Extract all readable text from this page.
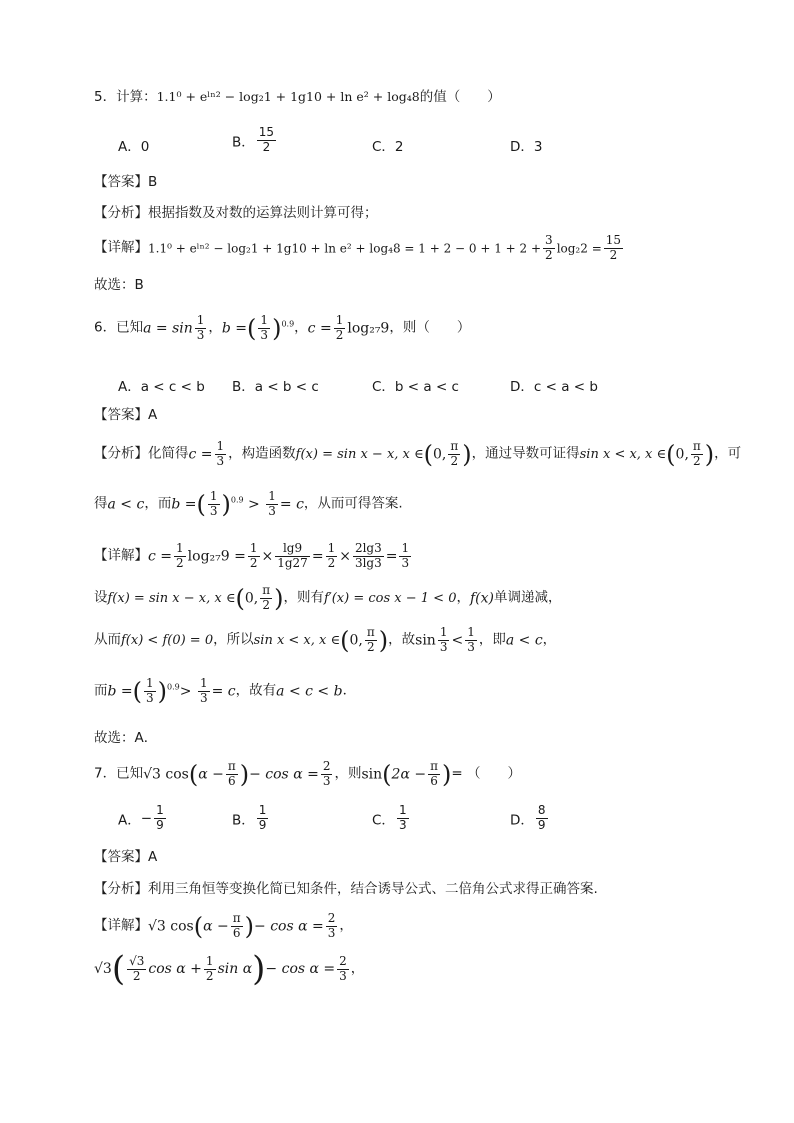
5．计算：1.1⁰ + eˡⁿ² − log₂1 + 1g10 + ln e² + log₄8的值（　　）
A．0	B． $\frac{15}{2}$	C．2	D．3
【答案】B
【分析】根据指数及对数的运算法则计算可得；
【详解】1.1⁰ + eˡⁿ² − $\log_21 + 1g10 + \ln e^2 + \log_48 = 1 + 2 - 0 + 1 + 2 + \frac{3}{2} \log_22 = \frac{15}{2}$
故选：B
6．已知$a = \sin \frac{1}{3}$ ，b =( $\frac{1}{3} )^{0.9}$，$c = \frac{1}{2} \log_{27}9$，则（　　）
A．a < c < b B．a < b < c	C．b < a < c	D．c < a < b
【答案】A
【分析】化简得$c = \frac{1}{3}$ ，构造函数f(x) = sin x − x, x ∈(0, $\frac{\pi}{2}$ )，通过导数可证得sin x < x, x ∈(0, $\frac{\pi}{2}$ )，可
得a < c，而b =( $\frac{1}{3} )^{0.9} > \frac{1}{3} = c$，从而可得答案.
【详解】$c = \frac{1}{2} \log_{27}9 = \frac{1}{2} \times \frac{\lg 9}{1g27} = \frac{1}{2} \times \frac{2\lg 3}{3\lg 3} = \frac{1}{3}$
设f(x) = sin x − x, x ∈(0, $\frac{\pi}{2}$ )，则有f′(x) = cos x − 1 < 0，f(x)单调递减，
从而f(x) < f(0) = 0，所以sin x < x, x ∈(0, $\frac{\pi}{2}$ )，故$\sin \frac{1}{3} < \frac{1}{3}$ ，即a < c，
而b =( $\frac{1}{3} )^{0.9}> \frac{1}{3} = c$，故有a < c < b．
故选：A．
7．已知√3 $\cos(\alpha - \frac{\pi}{6}$ )− $\cos \alpha = \frac{2}{3}$ ，则$\sin(2\alpha - \frac{\pi}{6}$ )= （　　）
A．− $\frac{1}{9}$	B． $\frac{1}{9}$	C． $\frac{1}{3}$	D． $\frac{8}{9}$
【答案】A
【分析】利用三角恒等变换化简已知条件，结合诱导公式、二倍角公式求得正确答案.
【详解】√3 $\cos(\alpha - \frac{\pi}{6}$ )− $\cos \alpha = \frac{2}{3}$ ，
$√3( \frac{√3}{2}$ $\cos \alpha + \frac{1}{2}$ $\sin \alpha)- \cos \alpha = \frac{2}{3}$ ，
